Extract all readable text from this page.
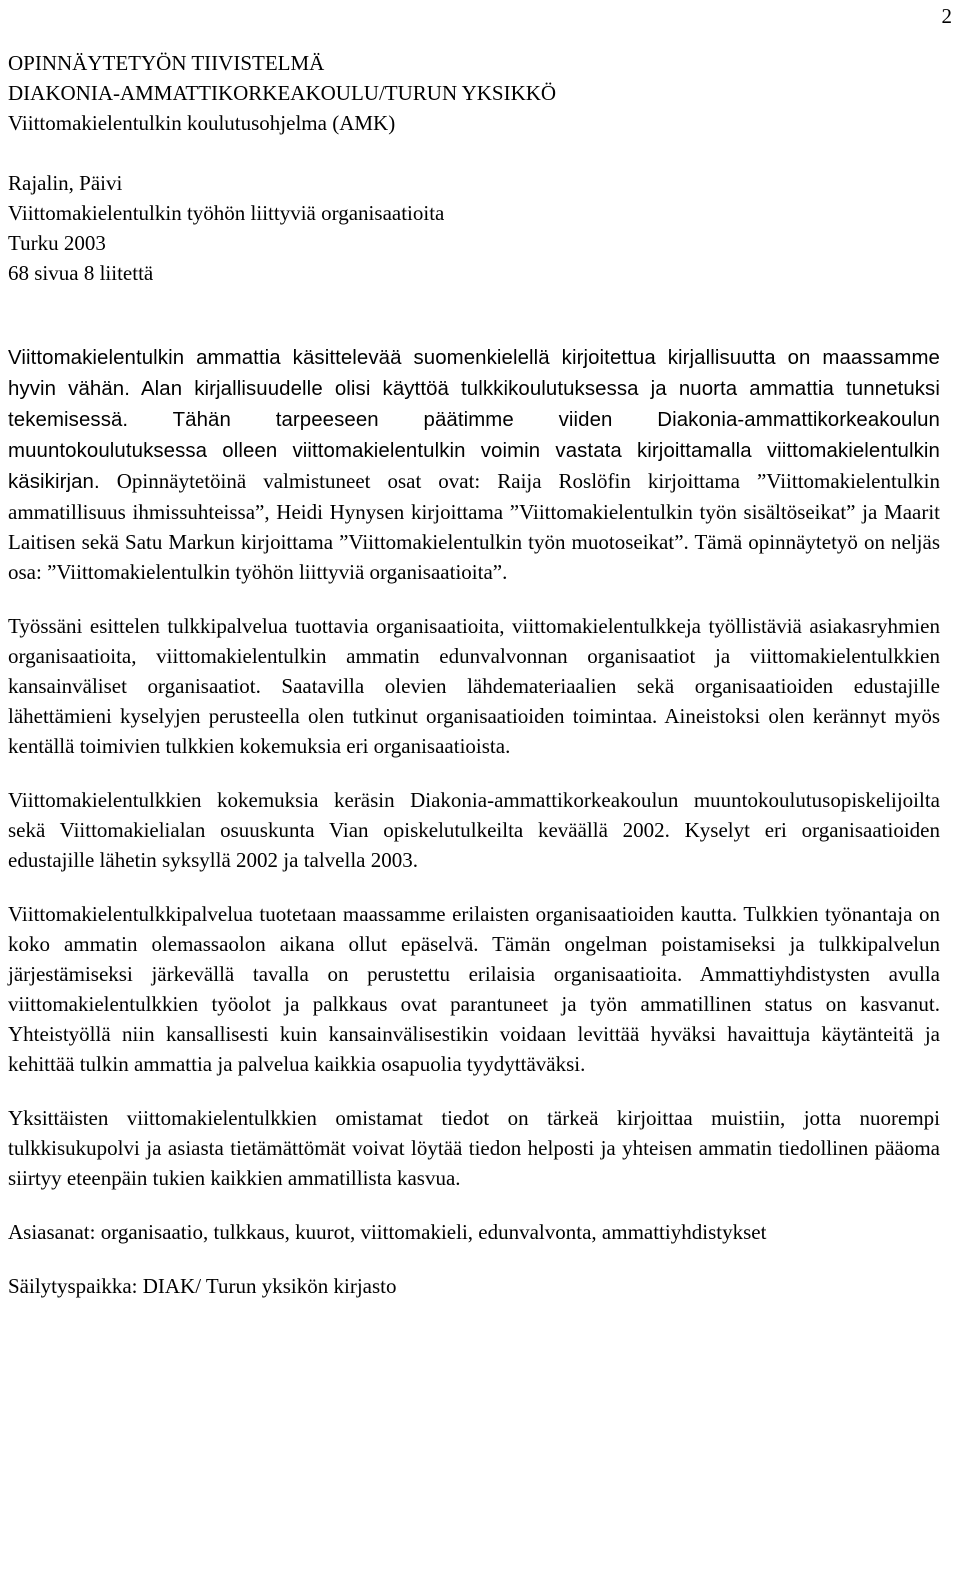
2
OPINNÄYTETYÖN TIIVISTELMÄ
DIAKONIA-AMMATTIKORKEAKOULU/TURUN YKSIKKÖ
Viittomakielentulkin koulutusohjelma (AMK)
Rajalin, Päivi
Viittomakielentulkin työhön liittyviä organisaatioita
Turku 2003
68 sivua 8 liitettä

Viittomakielentulkin ammattia käsittelevää suomenkielellä kirjoitettua kirjallisuutta on maassamme hyvin vähän. Alan kirjallisuudelle olisi käyttöä tulkkikoulutuksessa ja nuorta ammattia tunnetuksi tekemisessä. Tähän tarpeeseen päätimme viiden Diakonia-ammattikorkeakoulun muuntokoulutuksessa olleen viittomakielentulkin voimin vastata kirjoittamalla viittomakielentulkin käsikirjan. Opinnäytetöinä valmistuneet osat ovat: Raija Roslöfin kirjoittama ”Viittomakielentulkin ammatillisuus ihmissuhteissa”, Heidi Hynysen kirjoittama ”Viittomakielentulkin työn sisältöseikat” ja Maarit Laitisen sekä Satu Markun kirjoittama ”Viittomakielentulkin työn muotoseikat”. Tämä opinnäytetyö on neljäs osa: ”Viittomakielentulkin työhön liittyviä organisaatioita”.

Työssäni esittelen tulkkipalvelua tuottavia organisaatioita, viittomakielentulkkeja työllistäviä asiakasryhmien organisaatioita, viittomakielentulkin ammatin edunvalvonnan organisaatiot ja viittomakielentulkkien kansainväliset organisaatiot. Saatavilla olevien lähdemateriaalien sekä organisaatioiden edustajille lähettämieni kyselyjen perusteella olen tutkinut organisaatioiden toimintaa. Aineistoksi olen kerännyt myös kentällä toimivien tulkkien kokemuksia eri organisaatioista.

Viittomakielentulkkien kokemuksia keräsin Diakonia-ammattikorkeakoulun muuntokoulutusopiskelijoilta sekä Viittomakielialan osuuskunta Vian opiskelutulkeilta keväällä 2002. Kyselyt eri organisaatioiden edustajille lähetin syksyllä 2002 ja talvella 2003.

Viittomakielentulkkipalvelua tuotetaan maassamme erilaisten organisaatioiden kautta. Tulkkien työnantaja on koko ammatin olemassaolon aikana ollut epäselvä. Tämän ongelman poistamiseksi ja tulkkipalvelun järjestämiseksi järkevällä tavalla on perustettu erilaisia organisaatioita. Ammattiyhdistysten avulla viittomakielentulkkien työolot ja palkkaus ovat parantuneet ja työn ammatillinen status on kasvanut. Yhteistyöllä niin kansallisesti kuin kansainvälisestikin voidaan levittää hyväksi havaittuja käytänteitä ja kehittää tulkin ammattia ja palvelua kaikkia osapuolia tyydyttäväksi.

Yksittäisten viittomakielentulkkien omistamat tiedot on tärkeä kirjoittaa muistiin, jotta nuorempi tulkkisukupolvi ja asiasta tietämättömät voivat löytää tiedon helposti ja yhteisen ammatin tiedollinen pääoma siirtyy eteenpäin tukien kaikkien ammatillista kasvua.

Asiasanat: organisaatio, tulkkaus, kuurot, viittomakieli, edunvalvonta, ammattiyhdistykset

Säilytyspaikka: DIAK/ Turun yksikön kirjasto
